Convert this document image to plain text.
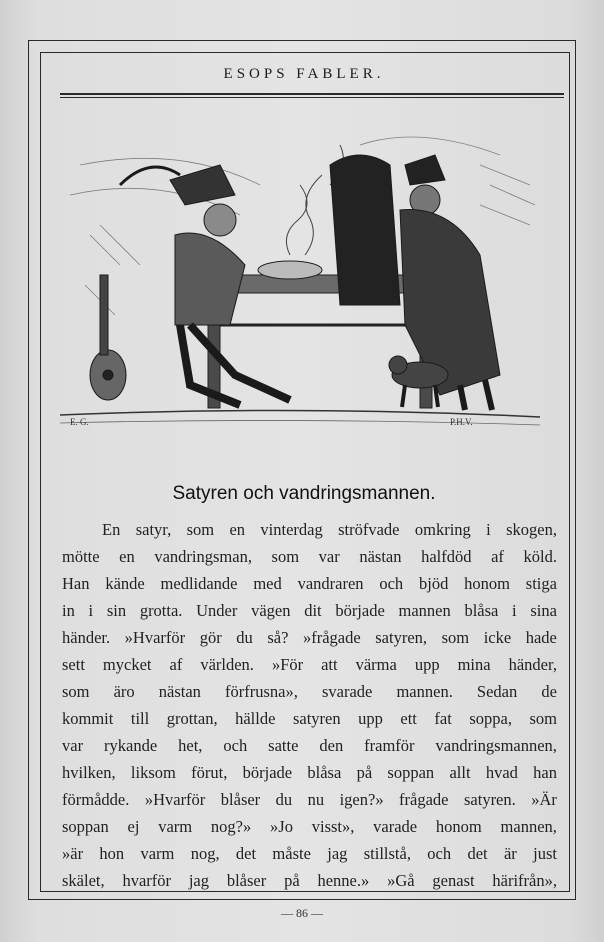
ESOPS FABLER.
E. G.	P.H.V.
Satyren och vandringsmannen.
En satyr, som en vinterdag ströfvade omkring i skogen,
mötte en vandringsman, som var nästan halfdöd af köld.
Han kände medlidande med vandraren och bjöd honom stiga
in i sin grotta. Under vägen dit började mannen blåsa i sina
händer. »Hvarför gör du så? »frågade satyren, som icke hade
sett mycket af världen. »För att värma upp mina händer,
som äro nästan förfrusna», svarade mannen. Sedan de
kommit till grottan, hällde satyren upp ett fat soppa, som
var rykande het, och satte den framför vandringsmannen,
hvilken, liksom förut, började blåsa på soppan allt hvad han
förmådde. »Hvarför blåser du nu igen?» frågade satyren. »Är
soppan ej varm nog?» »Jo visst», varade honom mannen,
»är hon varm nog, det måste jag stillstå, och det är just
skälet, hvarför jag blåser på henne.» »Gå genast härifrån»,
— 86 —
